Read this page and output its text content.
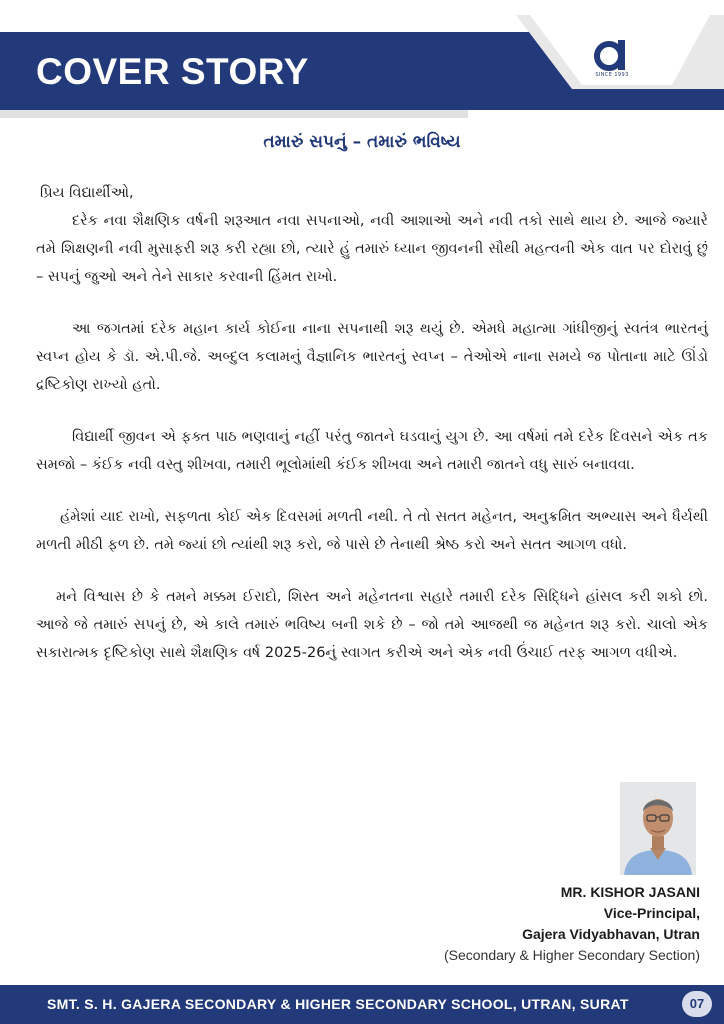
COVER STORY	SINCE 1993
તમારું સપનું – તમારું ભવિષ્ય

પ્રિય વિદ્યાર્થીઓ,

દરેક નવા શૈક્ષણિક વર્ષની શરૂઆત નવા સપનાઓ, નવી આશાઓ અને નવી તકો સાથે થાય છે. આજે જ્યારે તમે શિક્ષણની નવી મુસાફરી શરૂ કરી રહ્યા છો, ત્યારે હું તમારું ધ્યાન જીવનની સૌથી મહત્વની એક વાત પર દોરાવું છું – સપનું જુઓ અને તેને સાકાર કરવાની હિંમત રાખો.

આ જગતમાં દરેક મહાન કાર્ય કોઈના નાના સપનાથી શરૂ થયું છે. એમધે મહાત્મા ગાંધીજીનું સ્વતંત્ર ભારતનું સ્વપ્ન હોય કે ડૉ. એ.પી.જે. અબ્દુલ કલામનું વૈજ્ઞાનિક ભારતનું સ્વપ્ન – તેઓએ નાના સમયે જ પોતાના માટે ઊંડો દ્રષ્ટિકોણ રાખ્યો હતો.

વિદ્યાર્થી જીવન એ ફક્ત પાઠ ભણવાનું નહીં પરંતુ જાતને ઘડવાનું યુગ છે. આ વર્ષમાં તમે દરેક દિવસને એક તક સમજો – કંઈક નવી વસ્તુ શીખવા, તમારી ભૂલોમાંથી કંઈક શીખવા અને તમારી જાતને વધુ સારું બનાવવા.

હંમેશાં યાદ રાખો, સફળતા કોઈ એક દિવસમાં મળતી નથી. તે તો સતત મહેનત, અનુક્રમિત અભ્યાસ અને ધૈર્યથી મળતી મીઠી ફળ છે. તમે જ્યાં છો ત્યાંથી શરૂ કરો, જે પાસે છે તેનાથી શ્રેષ્ઠ કરો અને સતત આગળ વધો.

મને વિશ્વાસ છે કે તમને મક્કમ ઈરાદો, શિસ્ત અને મહેનતના સહારે તમારી દરેક સિદ્ધિને હાંસલ કરી શકો છો. આજે જે તમારું સપનું છે, એ કાલે તમારું ભવિષ્ય બની શકે છે – જો તમે આજથી જ મહેનત શરૂ કરો. ચાલો એક સકારાત્મક દૃષ્ટિકોણ સાથે શૈક્ષણિક વર્ષ 2025-26નું સ્વાગત કરીએ અને એક નવી ઉંચાઈ તરફ આગળ વધીએ.

MR. KISHOR JASANI
Vice-Principal,
Gajera Vidyabhavan, Utran
(Secondary & Higher Secondary Section)
SMT. S. H. GAJERA SECONDARY & HIGHER SECONDARY SCHOOL, UTRAN, SURAT	07
